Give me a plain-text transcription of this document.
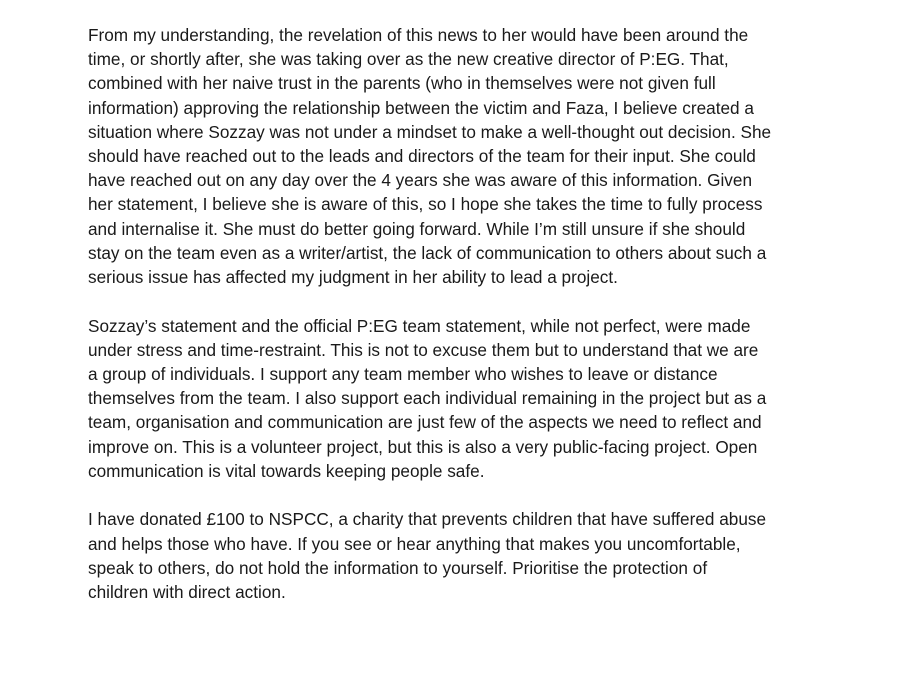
From my understanding, the revelation of this news to her would have been around the
time, or shortly after, she was taking over as the new creative director of P:EG. That,
combined with her naive trust in the parents (who in themselves were not given full
information) approving the relationship between the victim and Faza, I believe created a
situation where Sozzay was not under a mindset to make a well-thought out decision. She
should have reached out to the leads and directors of the team for their input. She could
have reached out on any day over the 4 years she was aware of this information. Given
her statement, I believe she is aware of this, so I hope she takes the time to fully process
and internalise it. She must do better going forward. While I’m still unsure if she should
stay on the team even as a writer/artist, the lack of communication to others about such a
serious issue has affected my judgment in her ability to lead a project.

Sozzay’s statement and the official P:EG team statement, while not perfect, were made
under stress and time-restraint. This is not to excuse them but to understand that we are
a group of individuals. I support any team member who wishes to leave or distance
themselves from the team. I also support each individual remaining in the project but as a
team, organisation and communication are just few of the aspects we need to reflect and
improve on. This is a volunteer project, but this is also a very public-facing project. Open
communication is vital towards keeping people safe.

I have donated £100 to NSPCC, a charity that prevents children that have suffered abuse
and helps those who have. If you see or hear anything that makes you uncomfortable,
speak to others, do not hold the information to yourself. Prioritise the protection of
children with direct action.
